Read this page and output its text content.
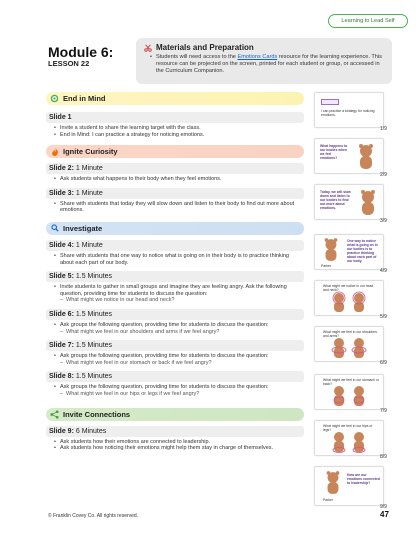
Learning to Lead Self
Module 6:
LESSON 22
Materials and Preparation
• Students will need access to the Emotions Cards resource for the learning experience. This resource can be projected on the screen, printed for each student or group, or accessed in the Curriculum Companion.
End in Mind
Slide 1
• Invite a student to share the learning target with the class.
• End in Mind: I can practice a strategy for noticing emotions.
Ignite Curiosity
Slide 2: 1 Minute
• Ask students what happens to their body when they feel emotions.
Slide 3: 1 Minute
• Share with students that today they will slow down and listen to their body to find out more about emotions.
Investigate
Slide 4: 1 Minute
• Share with students that one way to notice what is going on in their body is to practice thinking about each part of our body.
Slide 5: 1.5 Minutes
• Invite students to gather in small groups and imagine they are feeling angry. Ask the following question, providing time for students to discuss the question:
– What might we notice in our head and neck?
Slide 6: 1.5 Minutes
• Ask groups the following question, providing time for students to discuss the question:
– What might we feel in our shoulders and arms if we feel angry?
Slide 7: 1.5 Minutes
• Ask groups the following question, providing time for students to discuss the question:
– What might we feel in our stomach or back if we feel angry?
Slide 8: 1.5 Minutes
• Ask groups the following question, providing time for students to discuss the question:
– What might we feel in our hips or legs if we feel angry?
Invite Connections
Slide 9: 6 Minutes
• Ask students how their emotions are connected to leadership.
• Ask students how noticing their emotions might help them stay in charge of themselves.
I can practice a strategy for noticing emotions.
1/9
What happens to our bodies when we feel emotions?
2/9
Today, we will slow down and listen to our bodies to find out more about emotions.
3/9
Parker
One way to notice what is going on in our bodies is to practice thinking about each part of our body.
4/9
What might we notice in our head and neck?
5/9
What might we feel in our shoulders and arms?
6/9
What might we feel in our stomach or back?
7/9
What might we feel in our hips or legs?
8/9
Parker
How are our emotions connected to leadership?
9/9
© Franklin Covey Co. All rights reserved.	47
